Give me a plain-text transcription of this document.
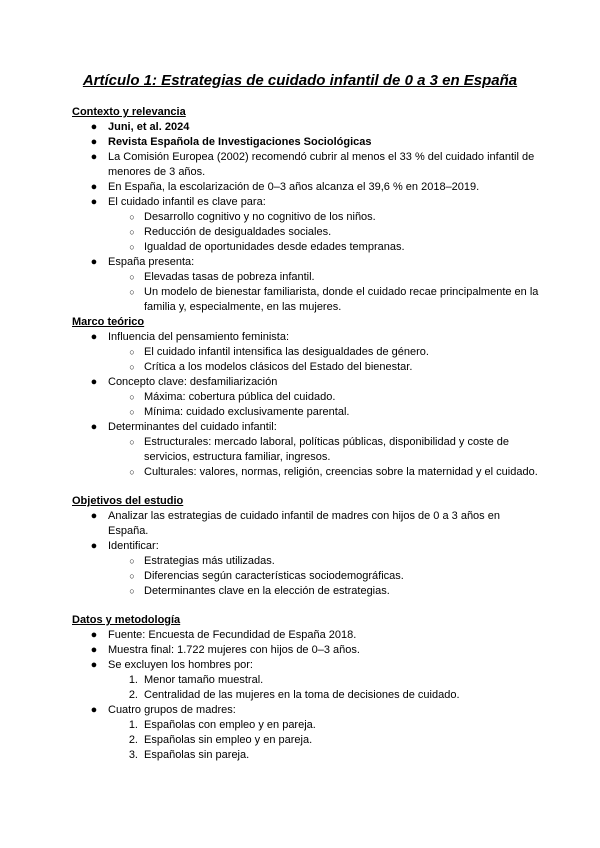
Artículo 1: Estrategias de cuidado infantil de 0 a 3 en España
Contexto y relevancia
● Juni, et al. 2024
● Revista Española de Investigaciones Sociológicas
● La Comisión Europea (2002) recomendó cubrir al menos el 33 % del cuidado infantil de menores de 3 años.
● En España, la escolarización de 0–3 años alcanza el 39,6 % en 2018–2019.
● El cuidado infantil es clave para:
○ Desarrollo cognitivo y no cognitivo de los niños.
○ Reducción de desigualdades sociales.
○ Igualdad de oportunidades desde edades tempranas.
● España presenta:
○ Elevadas tasas de pobreza infantil.
○ Un modelo de bienestar familiarista, donde el cuidado recae principalmente en la familia y, especialmente, en las mujeres.
Marco teórico
● Influencia del pensamiento feminista:
○ El cuidado infantil intensifica las desigualdades de género.
○ Crítica a los modelos clásicos del Estado del bienestar.
● Concepto clave: desfamiliarización
○ Máxima: cobertura pública del cuidado.
○ Mínima: cuidado exclusivamente parental.
● Determinantes del cuidado infantil:
○ Estructurales: mercado laboral, políticas públicas, disponibilidad y coste de servicios, estructura familiar, ingresos.
○ Culturales: valores, normas, religión, creencias sobre la maternidad y el cuidado.
Objetivos del estudio
● Analizar las estrategias de cuidado infantil de madres con hijos de 0 a 3 años en España.
● Identificar:
○ Estrategias más utilizadas.
○ Diferencias según características sociodemográficas.
○ Determinantes clave en la elección de estrategias.
Datos y metodología
● Fuente: Encuesta de Fecundidad de España 2018.
● Muestra final: 1.722 mujeres con hijos de 0–3 años.
● Se excluyen los hombres por:
1. Menor tamaño muestral.
2. Centralidad de las mujeres en la toma de decisiones de cuidado.
● Cuatro grupos de madres:
1. Españolas con empleo y en pareja.
2. Españolas sin empleo y en pareja.
3. Españolas sin pareja.
